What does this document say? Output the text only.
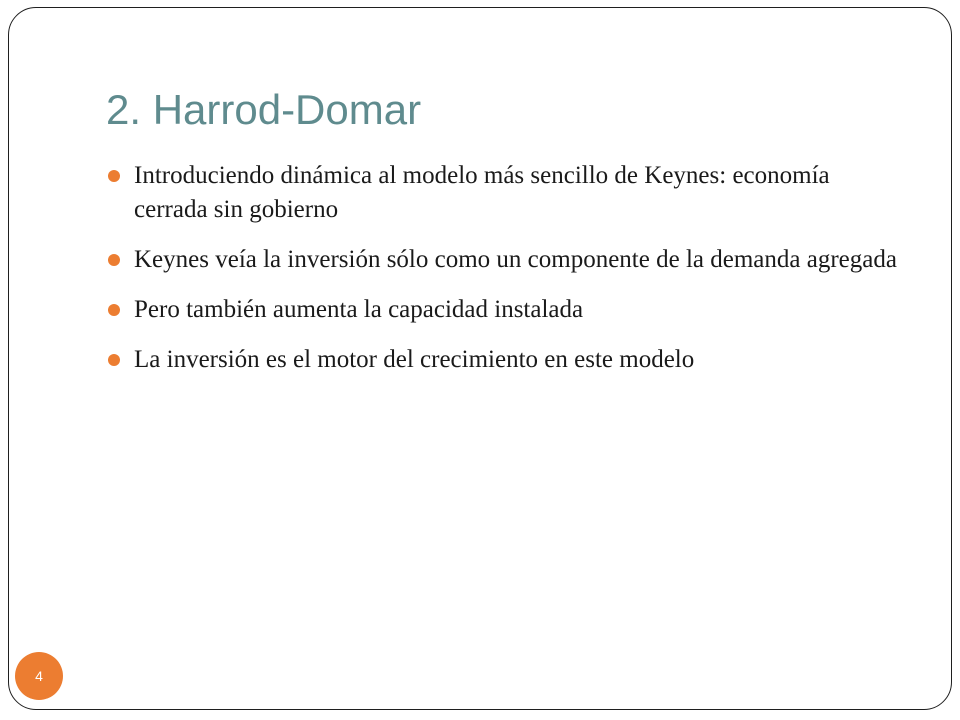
2. Harrod-Domar
Introduciendo dinámica al modelo más sencillo de Keynes: economía cerrada sin gobierno
Keynes veía la inversión sólo como un componente de la demanda agregada
Pero también aumenta la capacidad instalada
La inversión es el motor del crecimiento en este modelo
4
